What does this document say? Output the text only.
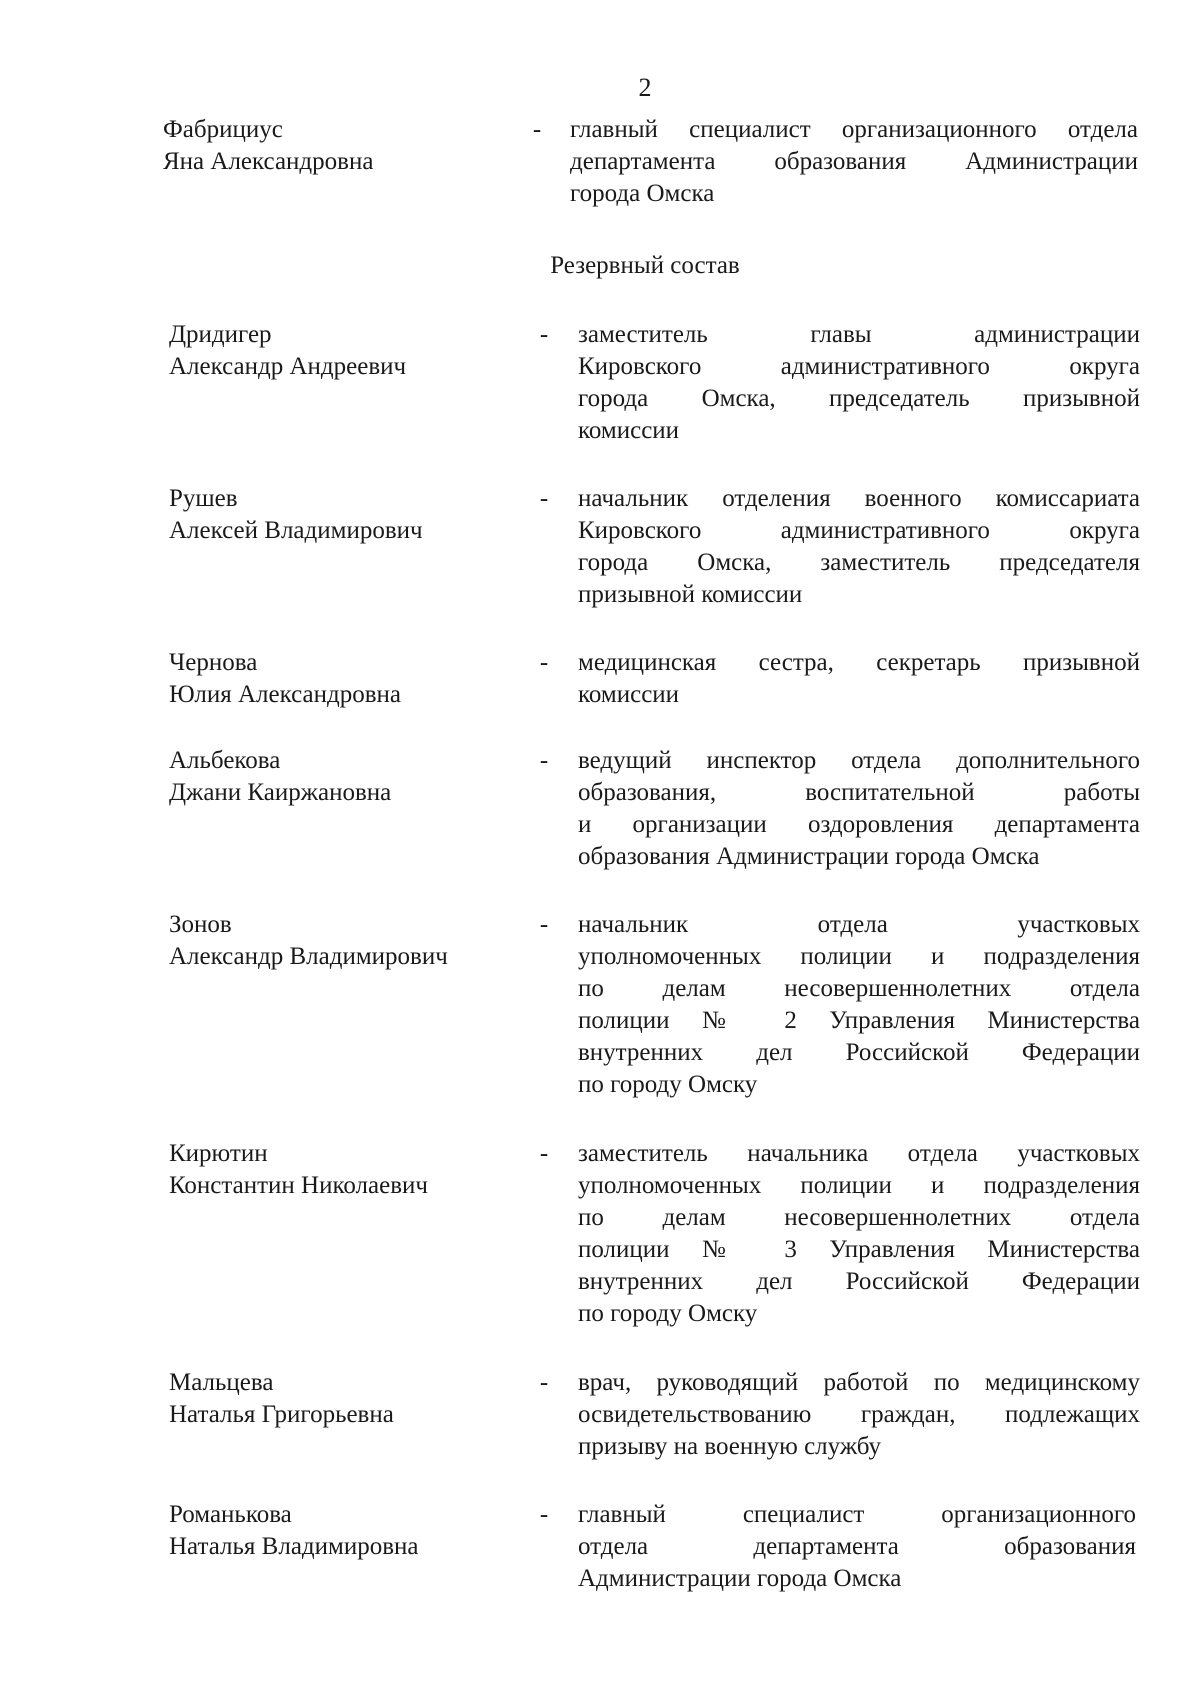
2
Фабрициус
Яна Александровна
- главный специалист организационного отдела
департамента образования Администрации
города Омска
Резервный состав
Дридигер
Александр Андреевич
- заместитель главы администрации
Кировского административного округа
города Омска, председатель призывной
комиссии
Рушев
Алексей Владимирович
- начальник отделения военного комиссариата
Кировского административного округа
города Омска, заместитель председателя
призывной комиссии
Чернова
Юлия Александровна
- медицинская сестра, секретарь призывной
комиссии
Альбекова
Джани Каиржановна
- ведущий инспектор отдела дополнительного
образования, воспитательной работы
и организации оздоровления департамента
образования Администрации города Омска
Зонов
Александр Владимирович
- начальник отдела участковых
уполномоченных полиции и подразделения
по делам несовершеннолетних отдела
полиции № 2 Управления Министерства
внутренних дел Российской Федерации
по городу Омску
Кирютин
Константин Николаевич
- заместитель начальника отдела участковых
уполномоченных полиции и подразделения
по делам несовершеннолетних отдела
полиции № 3 Управления Министерства
внутренних дел Российской Федерации
по городу Омску
Мальцева
Наталья Григорьевна
- врач, руководящий работой по медицинскому
освидетельствованию граждан, подлежащих
призыву на военную службу
Романькова
Наталья Владимировна
- главный специалист организационного
отдела департамента образования
Администрации города Омска
